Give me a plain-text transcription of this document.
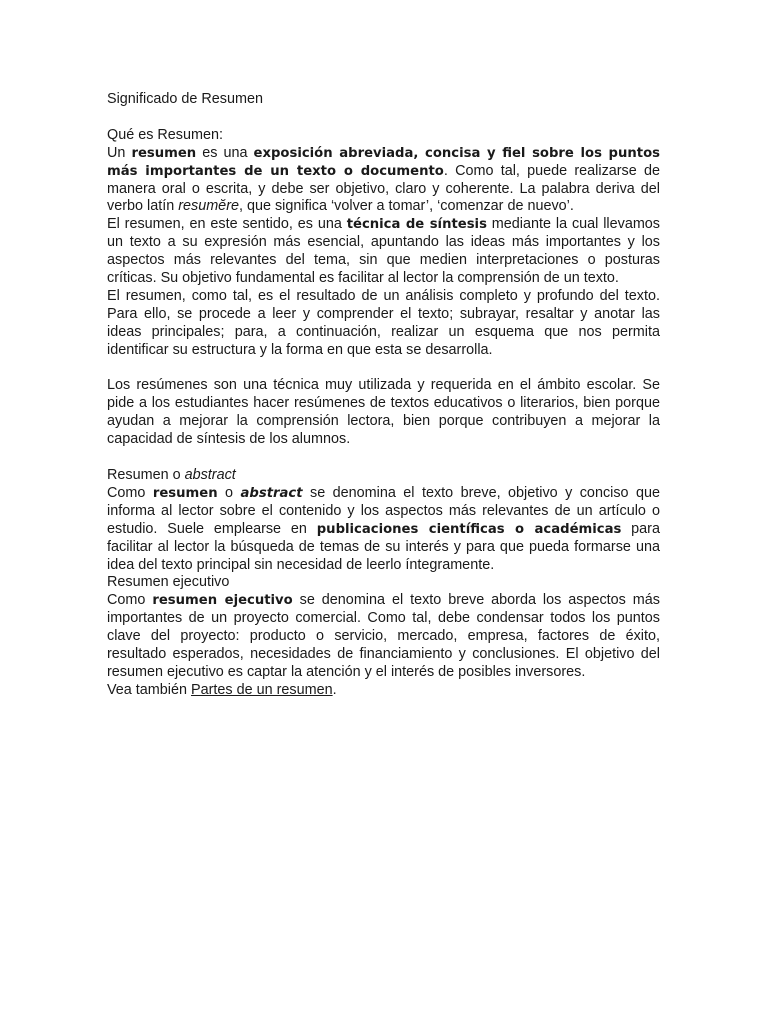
Significado de Resumen

Qué es Resumen:

Un resumen es una exposición abreviada, concisa y fiel sobre los puntos más importantes de un texto o documento. Como tal, puede realizarse de manera oral o escrita, y debe ser objetivo, claro y coherente. La palabra deriva del verbo latín resumĕre, que significa ‘volver a tomar’, ‘comenzar de nuevo’.

El resumen, en este sentido, es una técnica de síntesis mediante la cual llevamos un texto a su expresión más esencial, apuntando las ideas más importantes y los aspectos más relevantes del tema, sin que medien interpretaciones o posturas críticas. Su objetivo fundamental es facilitar al lector la comprensión de un texto.

El resumen, como tal, es el resultado de un análisis completo y profundo del texto. Para ello, se procede a leer y comprender el texto; subrayar, resaltar y anotar las ideas principales; para, a continuación, realizar un esquema que nos permita identificar su estructura y la forma en que esta se desarrolla.

Los resúmenes son una técnica muy utilizada y requerida en el ámbito escolar. Se pide a los estudiantes hacer resúmenes de textos educativos o literarios, bien porque ayudan a mejorar la comprensión lectora, bien porque contribuyen a mejorar la capacidad de síntesis de los alumnos.

Resumen o abstract

Como resumen o abstract se denomina el texto breve, objetivo y conciso que informa al lector sobre el contenido y los aspectos más relevantes de un artículo o estudio. Suele emplearse en publicaciones científicas o académicas para facilitar al lector la búsqueda de temas de su interés y para que pueda formarse una idea del texto principal sin necesidad de leerlo íntegramente.

Resumen ejecutivo

Como resumen ejecutivo se denomina el texto breve aborda los aspectos más importantes de un proyecto comercial. Como tal, debe condensar todos los puntos clave del proyecto: producto o servicio, mercado, empresa, factores de éxito, resultado esperados, necesidades de financiamiento y conclusiones. El objetivo del resumen ejecutivo es captar la atención y el interés de posibles inversores.

Vea también Partes de un resumen.
